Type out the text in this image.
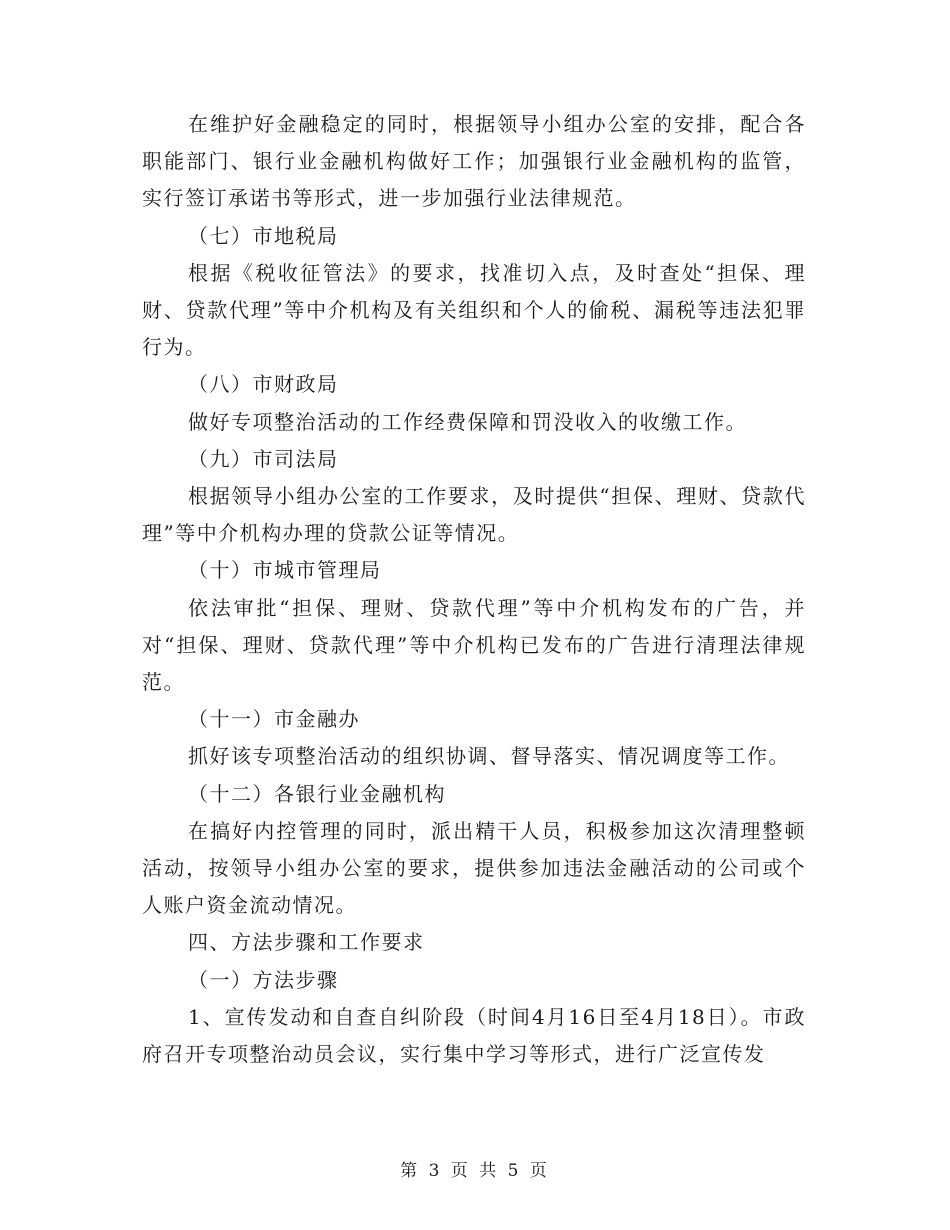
在维护好金融稳定的同时，根据领导小组办公室的安排，配合各职能部门、银行业金融机构做好工作；加强银行业金融机构的监管，实行签订承诺书等形式，进一步加强行业法律规范。

（七）市地税局

根据《税收征管法》的要求，找准切入点，及时查处“担保、理财、贷款代理”等中介机构及有关组织和个人的偷税、漏税等违法犯罪行为。

（八）市财政局

做好专项整治活动的工作经费保障和罚没收入的收缴工作。

（九）市司法局

根据领导小组办公室的工作要求，及时提供“担保、理财、贷款代理”等中介机构办理的贷款公证等情况。

（十）市城市管理局

依法审批“担保、理财、贷款代理”等中介机构发布的广告，并对“担保、理财、贷款代理”等中介机构已发布的广告进行清理法律规范。

（十一）市金融办

抓好该专项整治活动的组织协调、督导落实、情况调度等工作。

（十二）各银行业金融机构

在搞好内控管理的同时，派出精干人员，积极参加这次清理整顿活动，按领导小组办公室的要求，提供参加违法金融活动的公司或个人账户资金流动情况。

四、方法步骤和工作要求

（一）方法步骤

1、宣传发动和自查自纠阶段（时间4月16日至4月18日）。市政府召开专项整治动员会议，实行集中学习等形式，进行广泛宣传发

第 3 页 共 5 页
